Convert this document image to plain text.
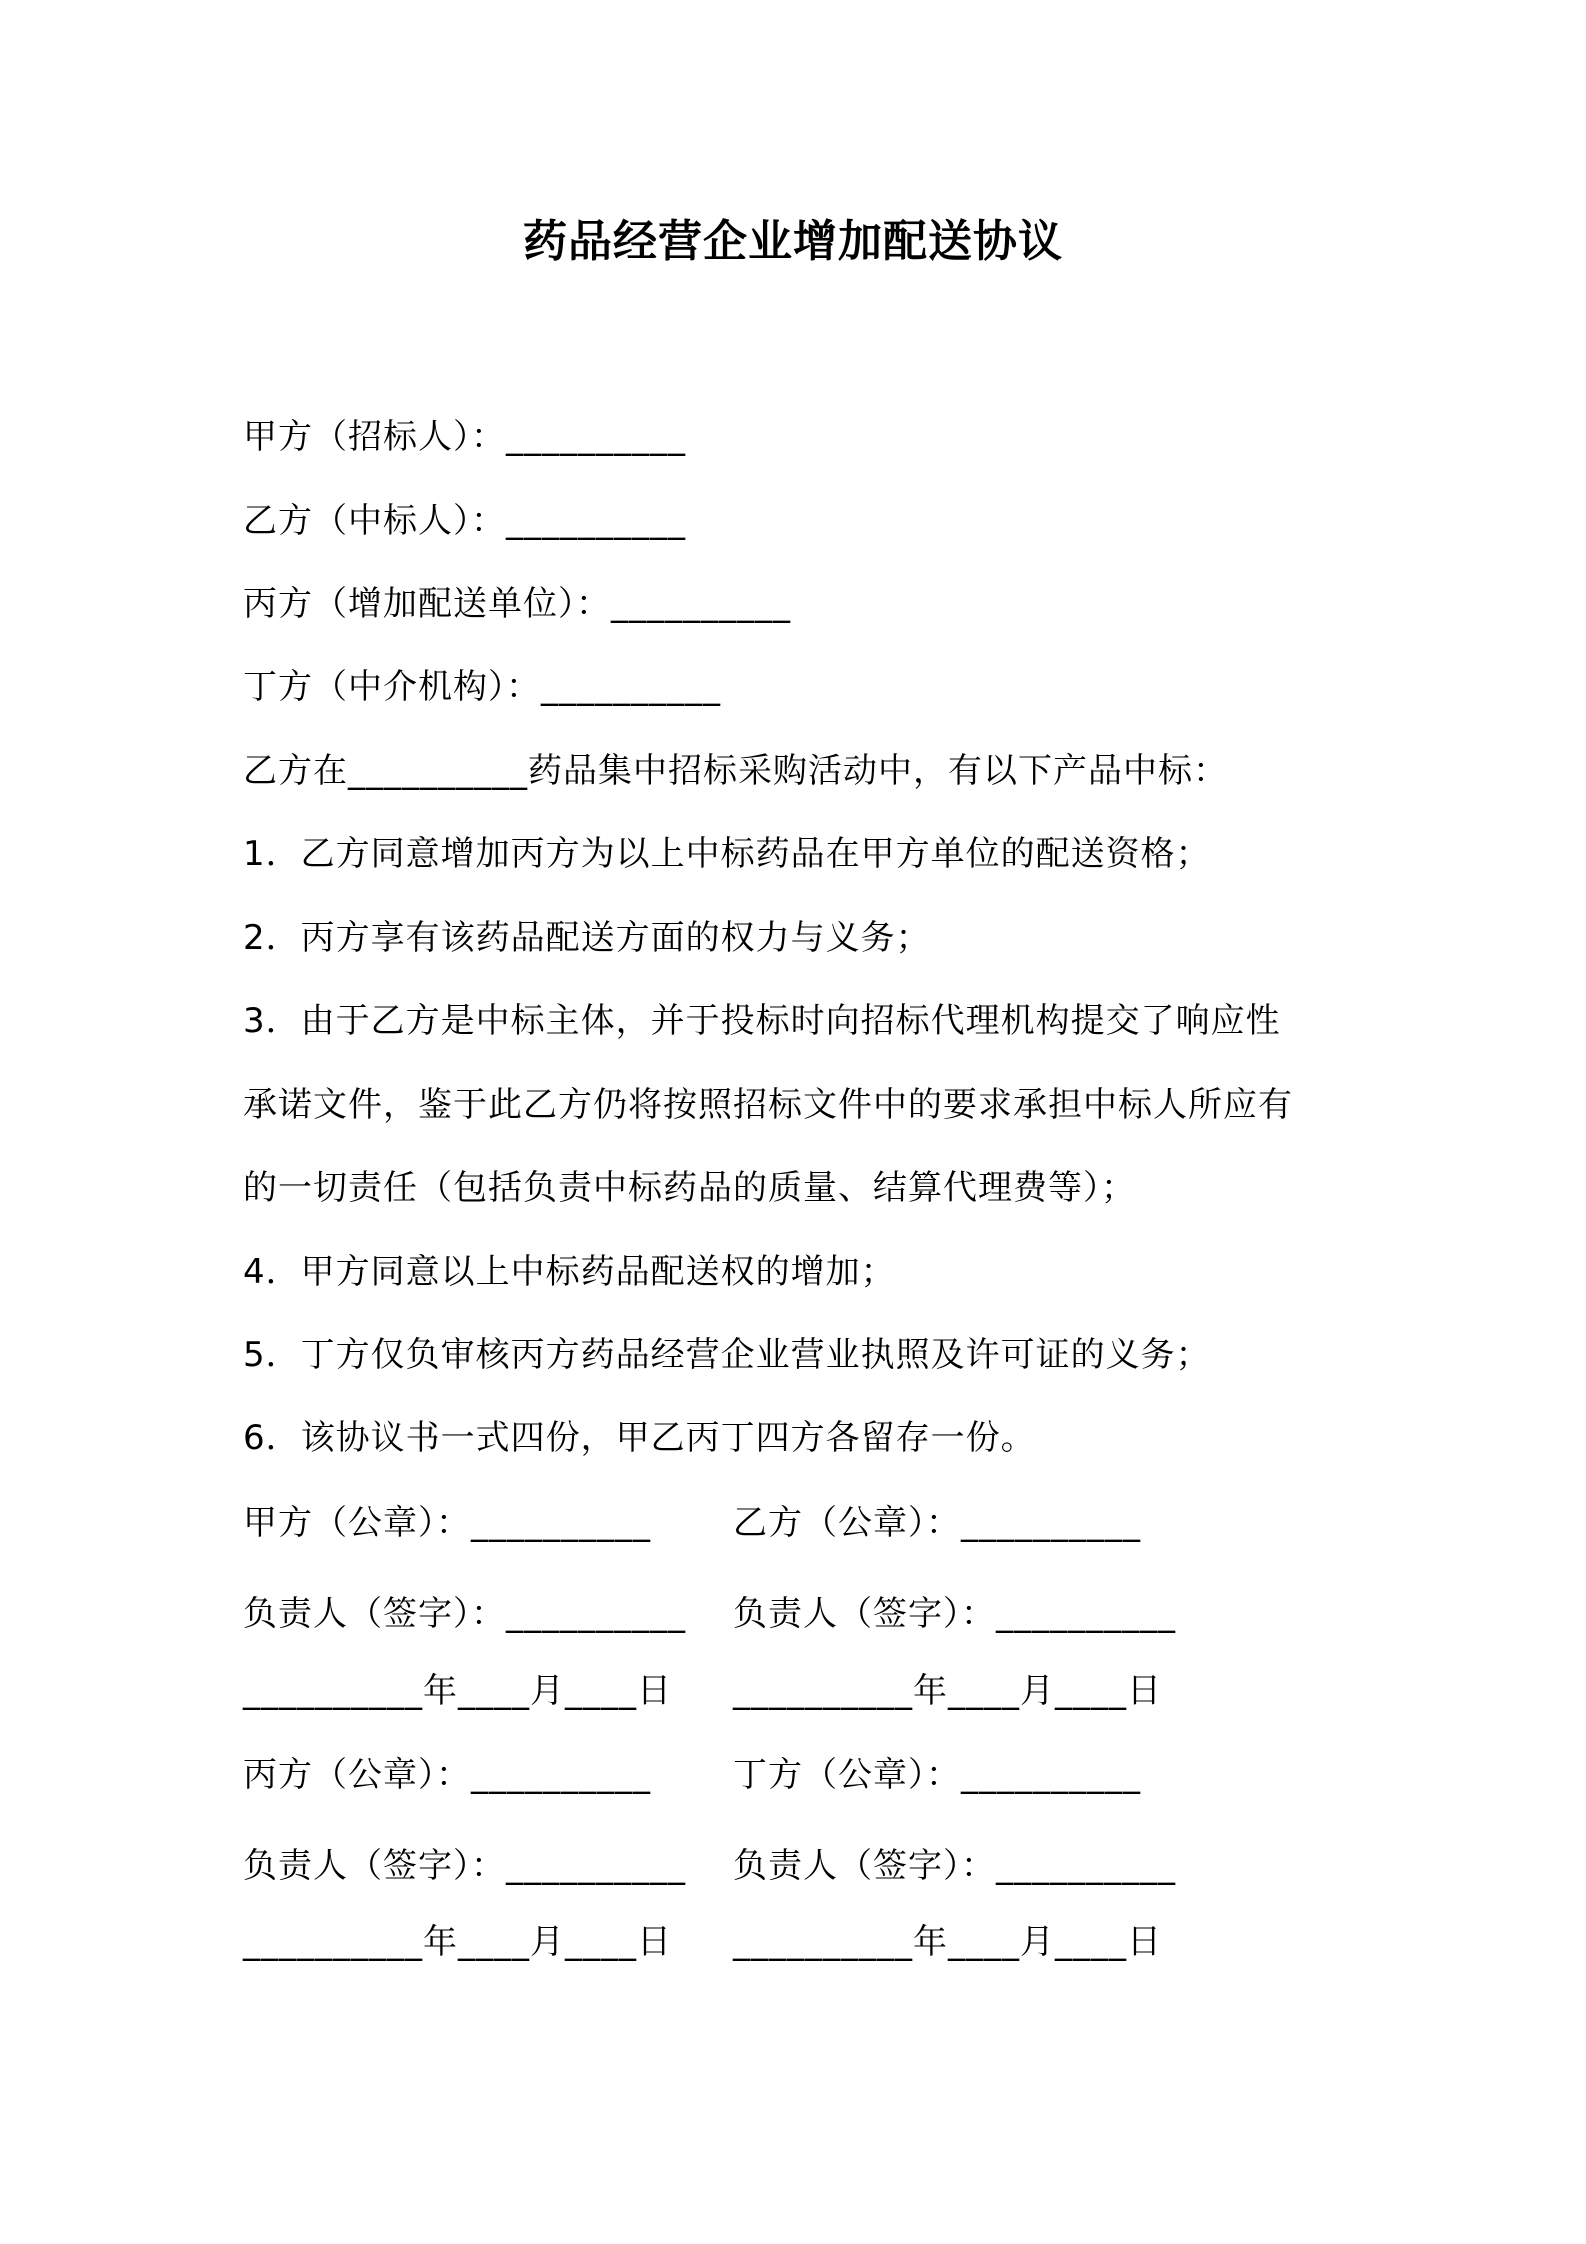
药品经营企业增加配送协议
甲方（招标人）：__________
乙方（中标人）：__________
丙方（增加配送单位）：__________
丁方（中介机构）：__________
乙方在__________药品集中招标采购活动中，有以下产品中标：
1．乙方同意增加丙方为以上中标药品在甲方单位的配送资格；
2．丙方享有该药品配送方面的权力与义务；
3．由于乙方是中标主体，并于投标时向招标代理机构提交了响应性
承诺文件，鉴于此乙方仍将按照招标文件中的要求承担中标人所应有
的一切责任（包括负责中标药品的质量、结算代理费等）；
4．甲方同意以上中标药品配送权的增加；
5．丁方仅负审核丙方药品经营企业营业执照及许可证的义务；
6．该协议书一式四份，甲乙丙丁四方各留存一份。
甲方（公章）：__________ 乙方（公章）：__________
负责人（签字）：__________ 负责人（签字）：__________
__________年____月____日 __________年____月____日
丙方（公章）：__________ 丁方（公章）：__________
负责人（签字）：__________ 负责人（签字）：__________
__________年____月____日 __________年____月____日
